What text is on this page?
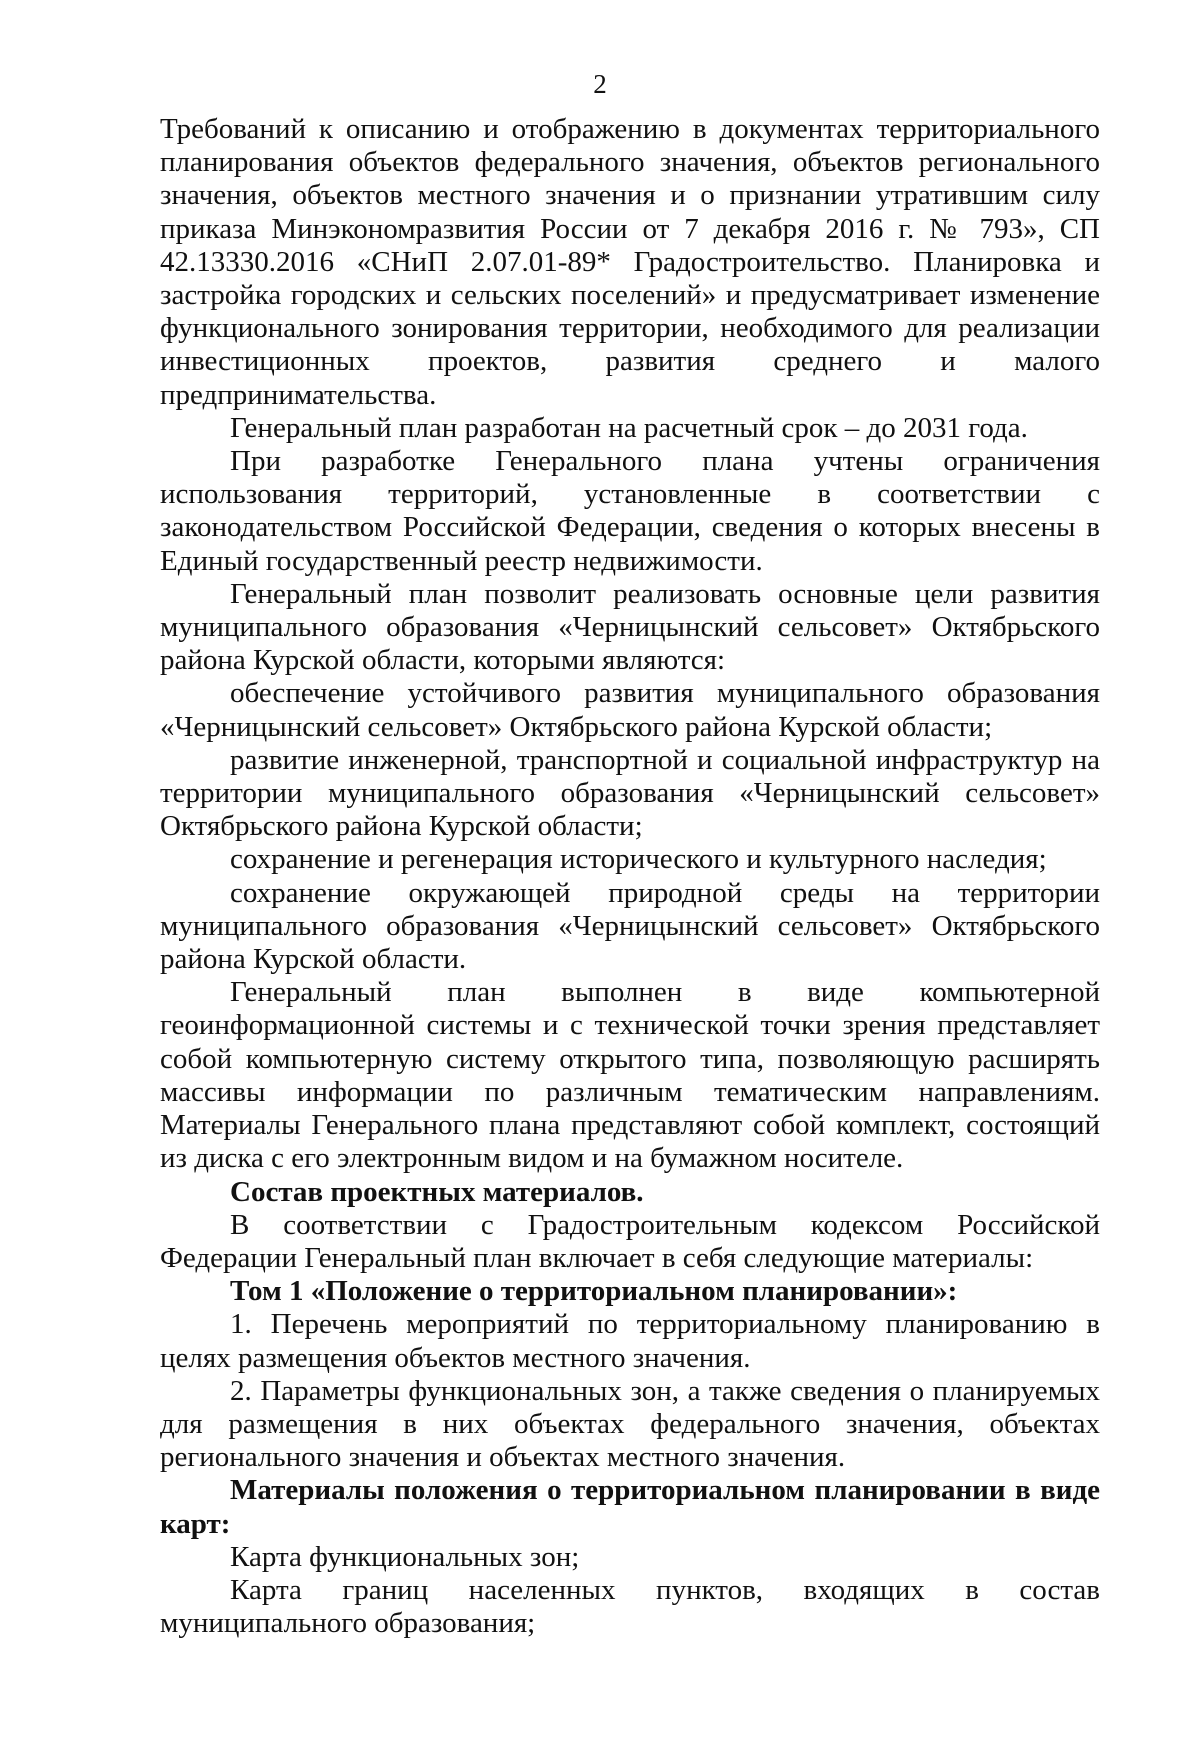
2

Требований к описанию и отображению в документах территориального планирования объектов федерального значения, объектов регионального значения, объектов местного значения и о признании утратившим силу приказа Минэкономразвития России от 7 декабря 2016 г. № 793», СП 42.13330.2016 «СНиП 2.07.01-89* Градостроительство. Планировка и застройка городских и сельских поселений» и предусматривает изменение функционального зонирования территории, необходимого для реализации инвестиционных проектов, развития среднего и малого предпринимательства.

Генеральный план разработан на расчетный срок – до 2031 года.

При разработке Генерального плана учтены ограничения использования территорий, установленные в соответствии с законодательством Российской Федерации, сведения о которых внесены в Единый государственный реестр недвижимости.

Генеральный план позволит реализовать основные цели развития муниципального образования «Черницынский сельсовет» Октябрьского района Курской области, которыми являются:

обеспечение устойчивого развития муниципального образования «Черницынский сельсовет» Октябрьского района Курской области;

развитие инженерной, транспортной и социальной инфраструктур на территории муниципального образования «Черницынский сельсовет» Октябрьского района Курской области;

сохранение и регенерация исторического и культурного наследия;

сохранение окружающей природной среды на территории муниципального образования «Черницынский сельсовет» Октябрьского района Курской области.

Генеральный план выполнен в виде компьютерной геоинформационной системы и с технической точки зрения представляет собой компьютерную систему открытого типа, позволяющую расширять массивы информации по различным тематическим направлениям. Материалы Генерального плана представляют собой комплект, состоящий из диска с его электронным видом и на бумажном носителе.

Состав проектных материалов.

В соответствии с Градостроительным кодексом Российской Федерации Генеральный план включает в себя следующие материалы:

Том 1 «Положение о территориальном планировании»:

1. Перечень мероприятий по территориальному планированию в целях размещения объектов местного значения.

2. Параметры функциональных зон, а также сведения о планируемых для размещения в них объектах федерального значения, объектах регионального значения и объектах местного значения.

Материалы положения о территориальном планировании в виде карт:

Карта функциональных зон;

Карта границ населенных пунктов, входящих в состав муниципального образования;
